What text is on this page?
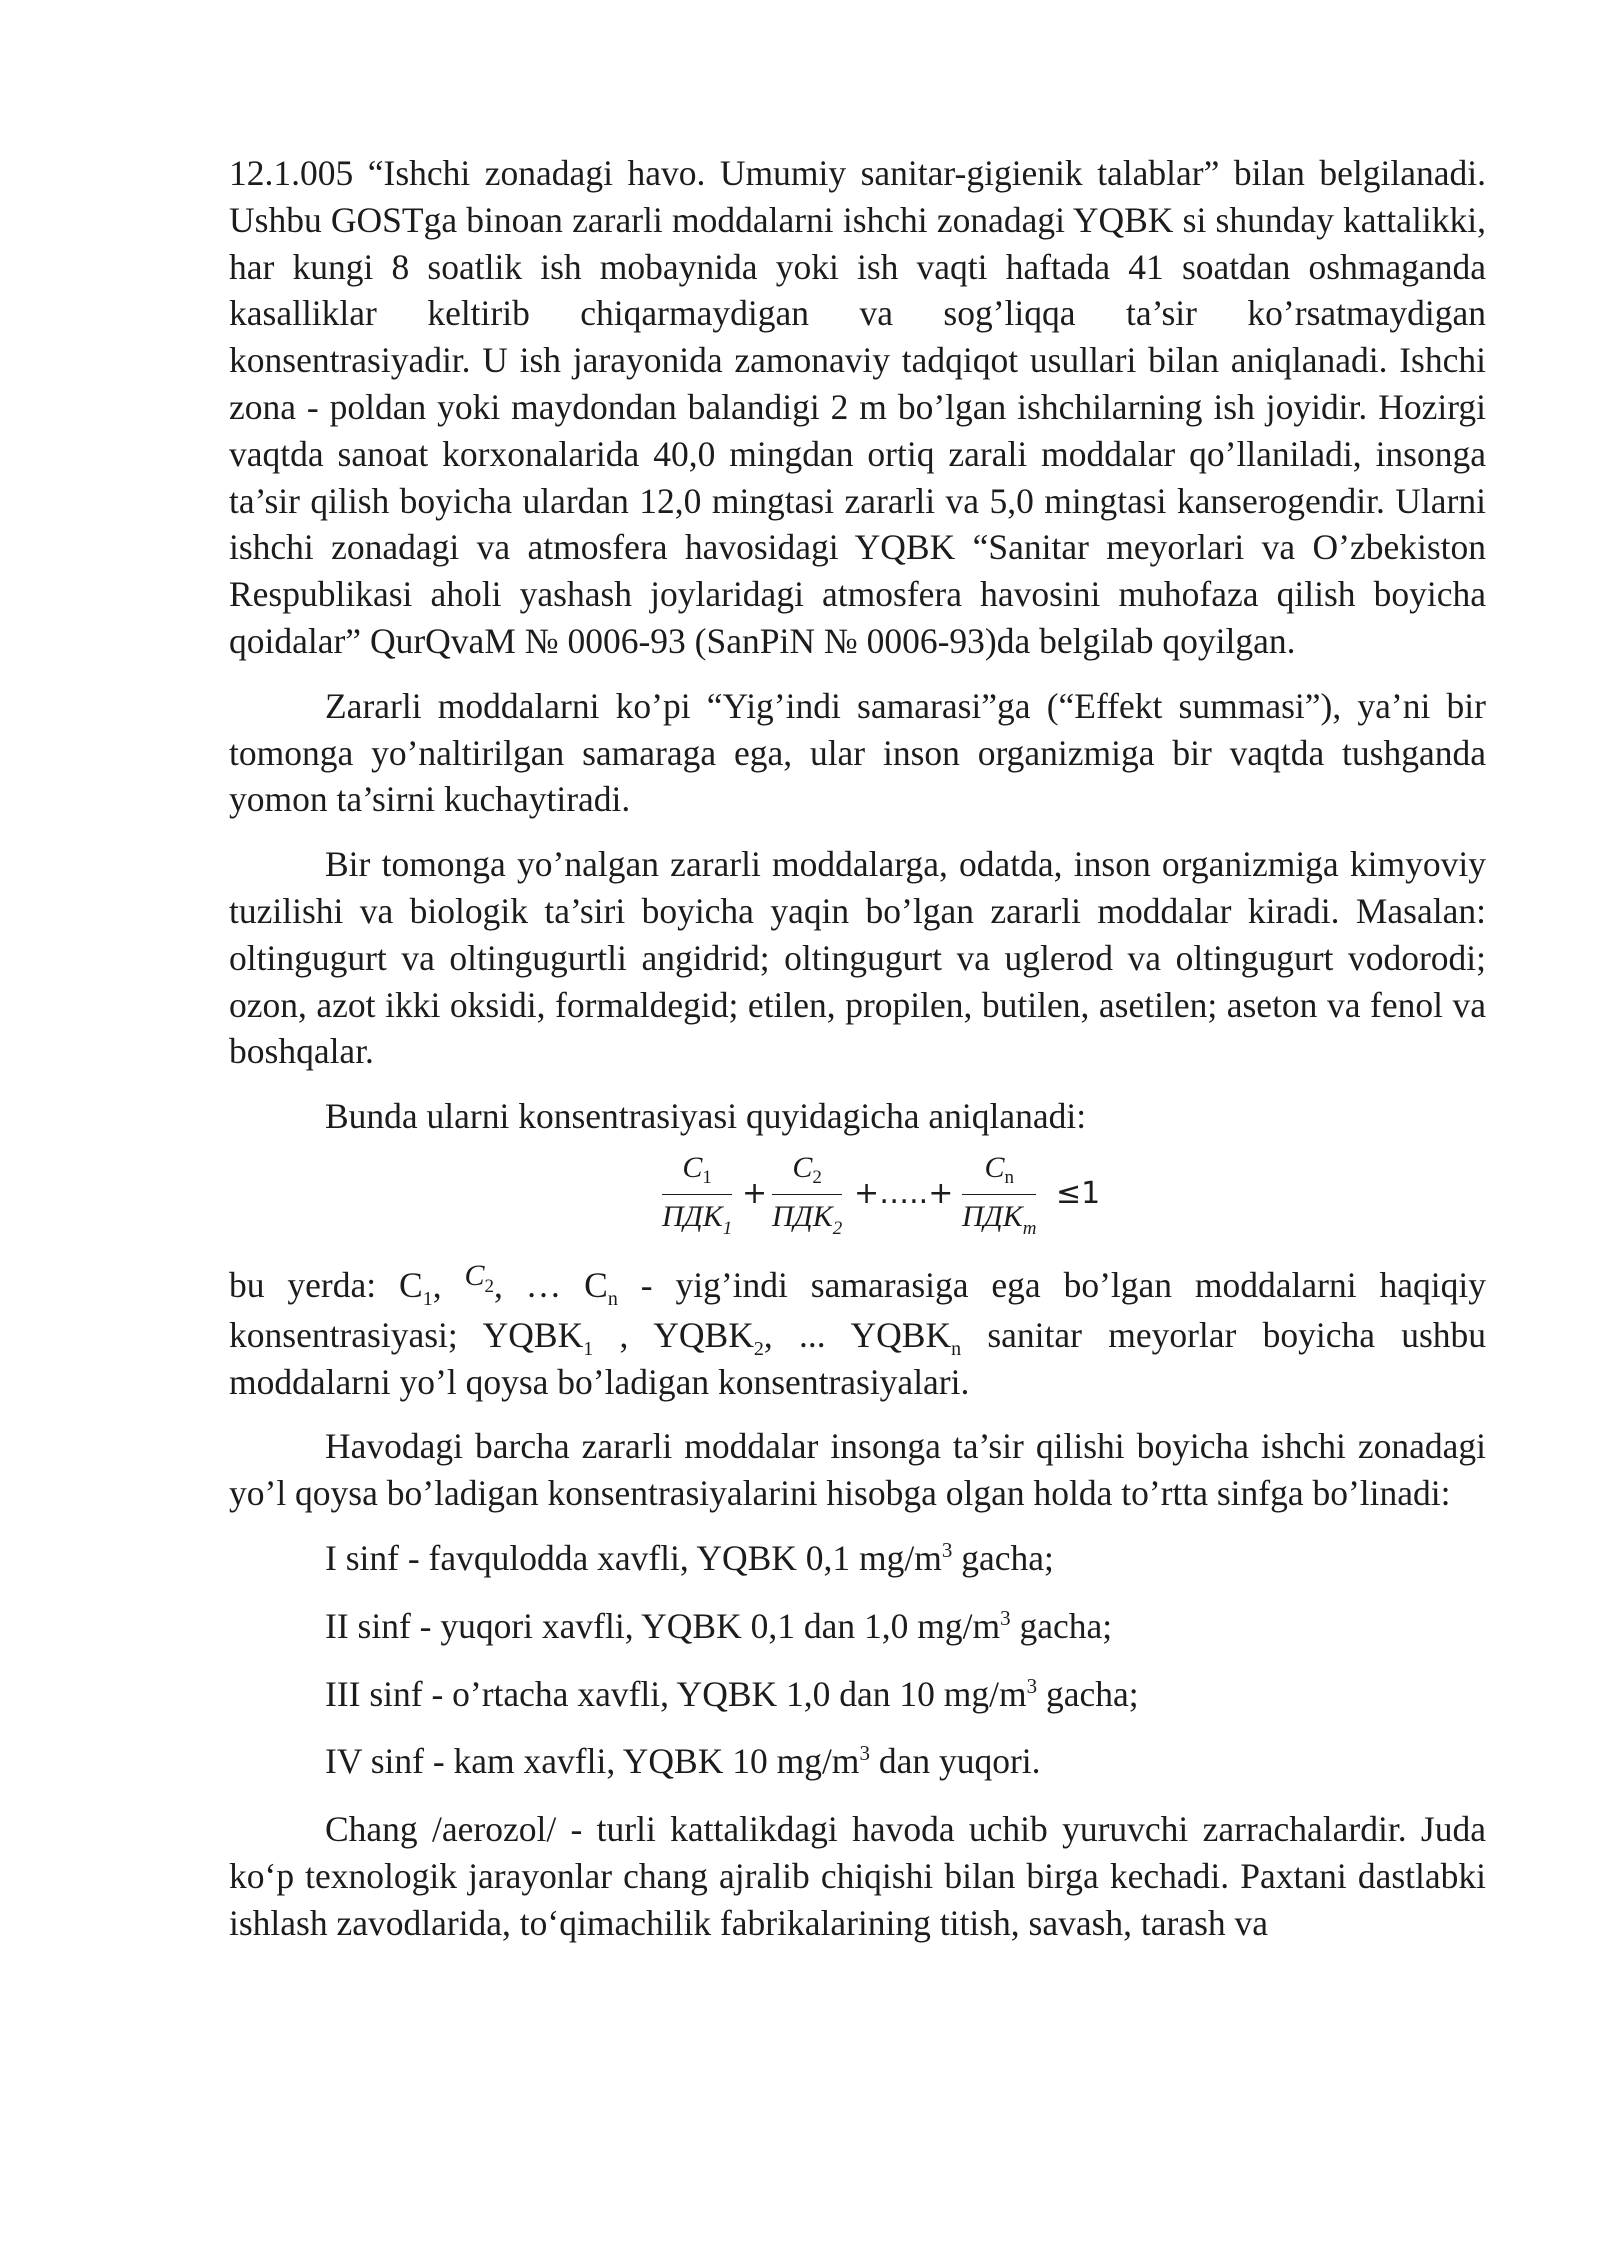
12.1.005 “Ishchi zonadagi havo. Umumiy sanitar-gigienik talablar” bilan belgilanadi. Ushbu GOSTga binoan zararli moddalarni ishchi zonadagi YQBK si shunday kattalikki, har kungi 8 soatlik ish mobaynida yoki ish vaqti haftada 41 soatdan oshmaganda kasalliklar keltirib chiqarmaydigan va sog’liqqa ta’sir ko’rsatmaydigan konsentrasiyadir. U ish jarayonida zamonaviy tadqiqot usullari bilan aniqlanadi. Ishchi zona - poldan yoki maydondan balandigi 2 m bo’lgan ishchilarning ish joyidir. Hozirgi vaqtda sanoat korxonalarida 40,0 mingdan ortiq zarali moddalar qo’llaniladi, insonga ta’sir qilish boyicha ulardan 12,0 mingtasi zararli va 5,0 mingtasi kanserogendir. Ularni ishchi zonadagi va atmosfera havosidagi YQBK “Sanitar meyorlari va O’zbekiston Respublikasi aholi yashash joylaridagi atmosfera havosini muhofaza qilish boyicha qoidalar” QurQvaM № 0006-93 (SanPiN № 0006-93)da belgilab qoyilgan.

Zararli moddalarni ko’pi “Yig’indi samarasi”ga (“Effekt summasi”), ya’ni bir tomonga yo’naltirilgan samaraga ega, ular inson organizmiga bir vaqtda tushganda yomon ta’sirni kuchaytiradi.

Bir tomonga yo’nalgan zararli moddalarga, odatda, inson organizmiga kimyoviy tuzilishi va biologik ta’siri boyicha yaqin bo’lgan zararli moddalar kiradi. Masalan: oltingugurt va oltingugurtli angidrid; oltingugurt va uglerod va oltingugurt vodorodi; ozon, azot ikki oksidi, formaldegid; etilen, propilen, butilen, asetilen; aseton va fenol va boshqalar.

Bunda ularni konsentrasiyasi quyidagicha aniqlanadi:

$C_1$
$ПДК_1$
+
$C_2$
$ПДК_2$
+…..+
$C_n$
$ПДК_m$
≤1

bu yerda: $C_1$, $^{C_2}$, … $C_n$ - yig’indi samarasiga ega bo’lgan moddalarni haqiqiy konsentrasiyasi; $YQBK_1$ , $YQBK_2$, ... $YQBK_n$ sanitar meyorlar boyicha ushbu moddalarni yo’l qoysa bo’ladigan konsentrasiyalari.

Havodagi barcha zararli moddalar insonga ta’sir qilishi boyicha ishchi zonadagi yo’l qoysa bo’ladigan konsentrasiyalarini hisobga olgan holda to’rtta sinfga bo’linadi:

I sinf - favqulodda xavfli, YQBK 0,1 $mg/m^3$ gacha;

II sinf - yuqori xavfli, YQBK 0,1 dan 1,0 $mg/m^3$ gacha;

III sinf - o’rtacha xavfli, YQBK 1,0 dan 10 $mg/m^3$ gacha;

IV sinf - kam xavfli, YQBK 10 $mg/m^3$ dan yuqori.

Chang /aerozol/ - turli kattalikdagi havoda uchib yuruvchi zarrachalardir. Juda ko‘p texnologik jarayonlar chang ajralib chiqishi bilan birga kechadi. Paxtani dastlabki ishlash zavodlarida, to‘qimachilik fabrikalarining titish, savash, tarash va
